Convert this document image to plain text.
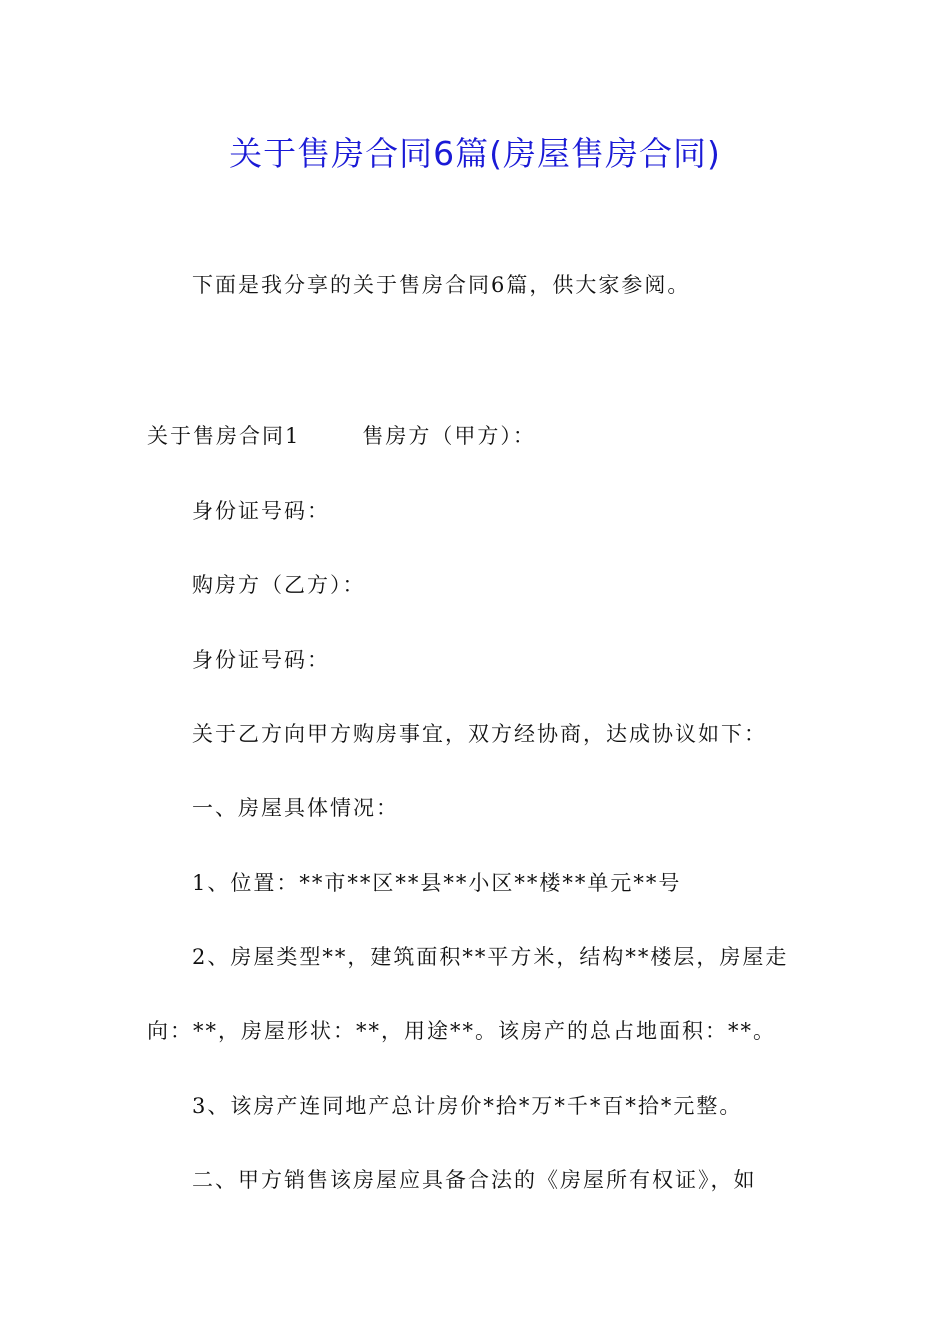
关于售房合同6篇(房屋售房合同)
下面是我分享的关于售房合同6篇，供大家参阅。
关于售房合同1	售房方（甲方）：
身份证号码：
购房方（乙方）：
身份证号码：
关于乙方向甲方购房事宜，双方经协商，达成协议如下：
一、房屋具体情况：
1、位置：**市**区**县**小区**楼**单元**号
2、房屋类型**，建筑面积**平方米，结构**楼层，房屋走
向：**，房屋形状：**，用途**。该房产的总占地面积：**。
3、该房产连同地产总计房价*拾*万*千*百*拾*元整。
二、甲方销售该房屋应具备合法的《房屋所有权证》，如
